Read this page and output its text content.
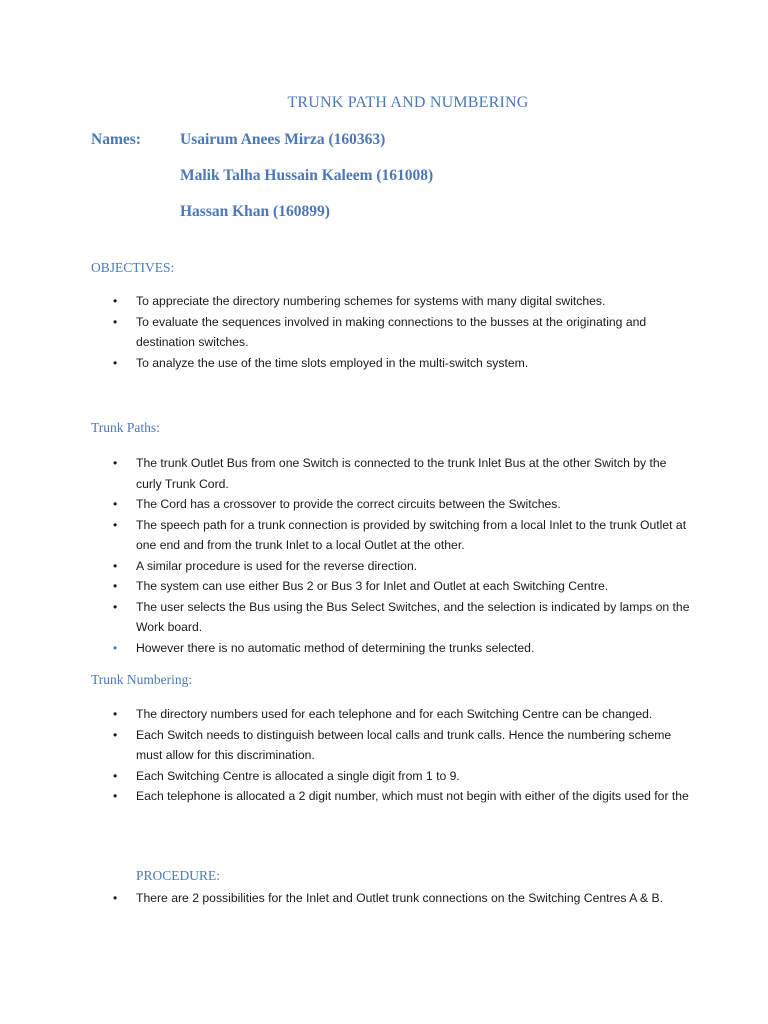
TRUNK PATH AND NUMBERING
Names:	Usairum Anees Mirza (160363)
Malik Talha Hussain Kaleem (161008)
Hassan Khan (160899)
OBJECTIVES:
• To appreciate the directory numbering schemes for systems with many digital switches.
• To evaluate the sequences involved in making connections to the busses at the originating and destination switches.
• To analyze the use of the time slots employed in the multi-switch system.
Trunk Paths:
• The trunk Outlet Bus from one Switch is connected to the trunk Inlet Bus at the other Switch by the curly Trunk Cord.
• The Cord has a crossover to provide the correct circuits between the Switches.
• The speech path for a trunk connection is provided by switching from a local Inlet to the trunk Outlet at one end and from the trunk Inlet to a local Outlet at the other.
• A similar procedure is used for the reverse direction.
• The system can use either Bus 2 or Bus 3 for Inlet and Outlet at each Switching Centre.
• The user selects the Bus using the Bus Select Switches, and the selection is indicated by lamps on the Work board.
• However there is no automatic method of determining the trunks selected.
Trunk Numbering:
• The directory numbers used for each telephone and for each Switching Centre can be changed.
• Each Switch needs to distinguish between local calls and trunk calls. Hence the numbering scheme must allow for this discrimination.
• Each Switching Centre is allocated a single digit from 1 to 9.
• Each telephone is allocated a 2 digit number, which must not begin with either of the digits used for the
PROCEDURE:
• There are 2 possibilities for the Inlet and Outlet trunk connections on the Switching Centres A & B.
